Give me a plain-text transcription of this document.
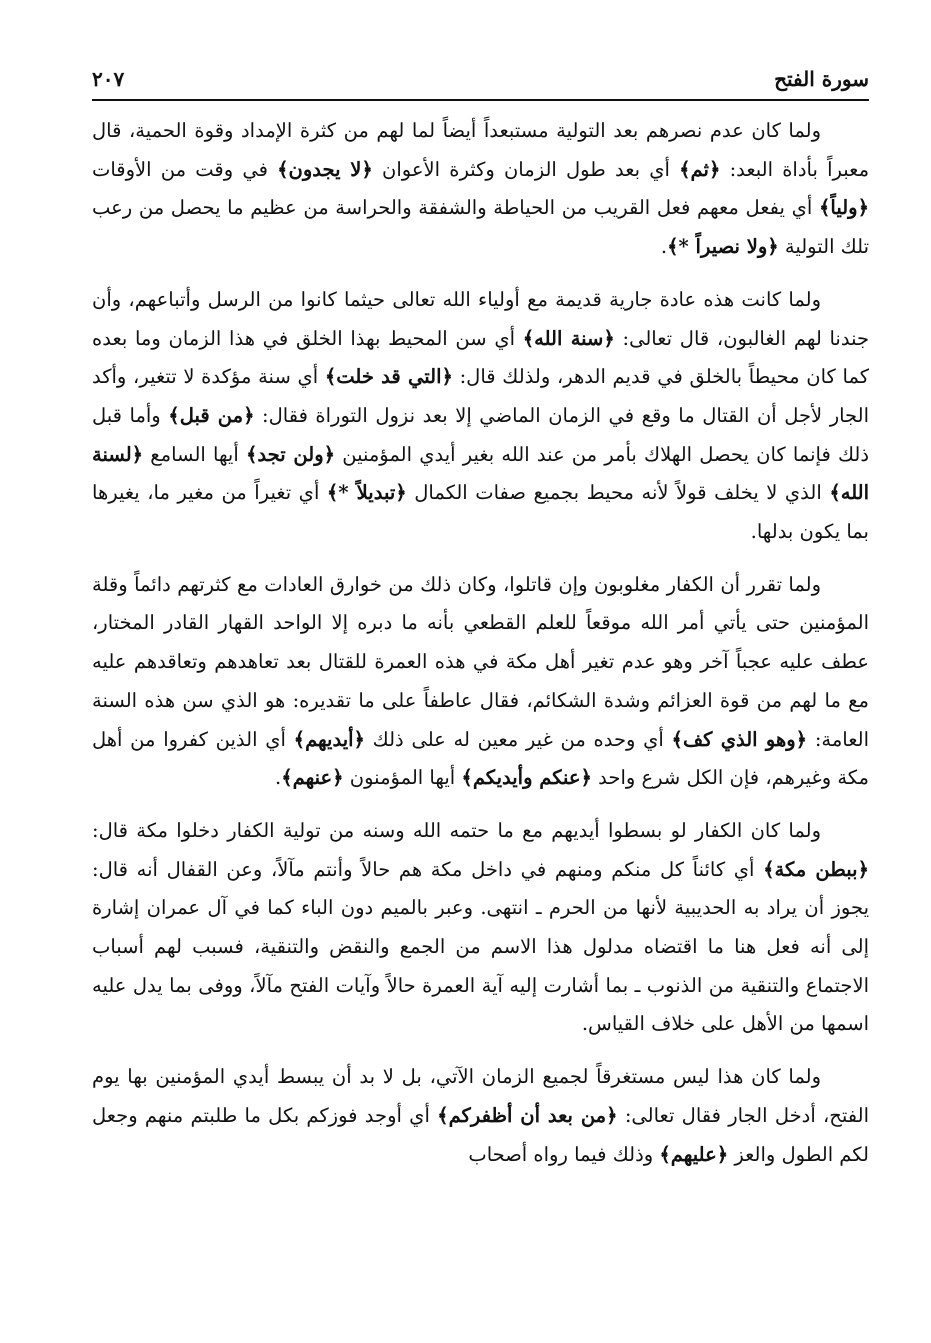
سورة الفتح
٢٠٧

ولما كان عدم نصرهم بعد التولية مستبعداً أيضاً لما لهم من كثرة الإمداد وقوة الحمية، قال معبراً بأداة البعد: ﴿ثم﴾ أي بعد طول الزمان وكثرة الأعوان ﴿لا يجدون﴾ في وقت من الأوقات ﴿ولياً﴾ أي يفعل معهم فعل القريب من الحياطة والشفقة والحراسة من عظيم ما يحصل من رعب تلك التولية ﴿ولا نصيراً *﴾.

ولما كانت هذه عادة جارية قديمة مع أولياء الله تعالى حيثما كانوا من الرسل وأتباعهم، وأن جندنا لهم الغالبون، قال تعالى: ﴿سنة الله﴾ أي سن المحيط بهذا الخلق في هذا الزمان وما بعده كما كان محيطاً بالخلق في قديم الدهر، ولذلك قال: ﴿التي قد خلت﴾ أي سنة مؤكدة لا تتغير، وأكد الجار لأجل أن القتال ما وقع في الزمان الماضي إلا بعد نزول التوراة فقال: ﴿من قبل﴾ وأما قبل ذلك فإنما كان يحصل الهلاك بأمر من عند الله بغير أيدي المؤمنين ﴿ولن تجد﴾ أيها السامع ﴿لسنة الله﴾ الذي لا يخلف قولاً لأنه محيط بجميع صفات الكمال ﴿تبديلاً *﴾ أي تغيراً من مغير ما، يغيرها بما يكون بدلها.

ولما تقرر أن الكفار مغلوبون وإن قاتلوا، وكان ذلك من خوارق العادات مع كثرتهم دائماً وقلة المؤمنين حتى يأتي أمر الله موقعاً للعلم القطعي بأنه ما دبره إلا الواحد القهار القادر المختار، عطف عليه عجباً آخر وهو عدم تغير أهل مكة في هذه العمرة للقتال بعد تعاهدهم وتعاقدهم عليه مع ما لهم من قوة العزائم وشدة الشكائم، فقال عاطفاً على ما تقديره: هو الذي سن هذه السنة العامة: ﴿وهو الذي كف﴾ أي وحده من غير معين له على ذلك ﴿أيديهم﴾ أي الذين كفروا من أهل مكة وغيرهم، فإن الكل شرع واحد ﴿عنكم وأيديكم﴾ أيها المؤمنون ﴿عنهم﴾.

ولما كان الكفار لو بسطوا أيديهم مع ما حتمه الله وسنه من تولية الكفار دخلوا مكة قال: ﴿ببطن مكة﴾ أي كائناً كل منكم ومنهم في داخل مكة هم حالاً وأنتم مآلاً، وعن القفال أنه قال: يجوز أن يراد به الحديبية لأنها من الحرم ـ انتهى. وعبر بالميم دون الباء كما في آل عمران إشارة إلى أنه فعل هنا ما اقتضاه مدلول هذا الاسم من الجمع والنقض والتنقية، فسبب لهم أسباب الاجتماع والتنقية من الذنوب ـ بما أشارت إليه آية العمرة حالاً وآيات الفتح مآلاً، ووفى بما يدل عليه اسمها من الأهل على خلاف القياس.

ولما كان هذا ليس مستغرقاً لجميع الزمان الآتي، بل لا بد أن يبسط أيدي المؤمنين بها يوم الفتح، أدخل الجار فقال تعالى: ﴿من بعد أن أظفركم﴾ أي أوجد فوزكم بكل ما طلبتم منهم وجعل لكم الطول والعز ﴿عليهم﴾ وذلك فيما رواه أصحاب
